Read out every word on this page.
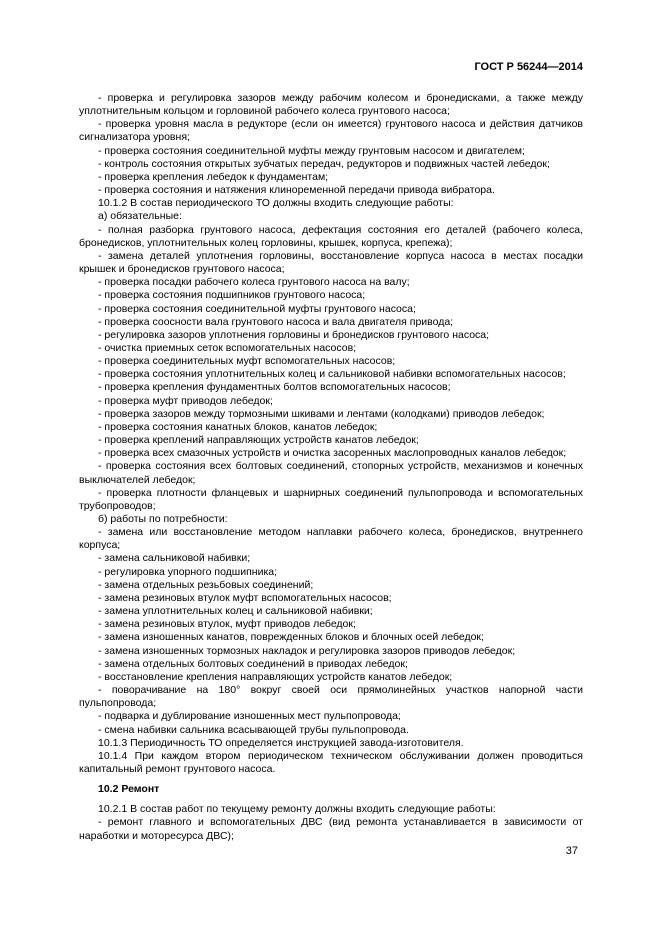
ГОСТ Р 56244—2014
- проверка и регулировка зазоров между рабочим колесом и бронедисками, а также между уплотнительным кольцом и горловиной рабочего колеса грунтового насоса;
- проверка уровня масла в редукторе (если он имеется) грунтового насоса и действия датчиков сигнализатора уровня;
- проверка состояния соединительной муфты между грунтовым насосом и двигателем;
- контроль состояния открытых зубчатых передач, редукторов и подвижных частей лебедок;
- проверка крепления лебедок к фундаментам;
- проверка состояния и натяжения клиноременной передачи привода вибратора.
10.1.2 В состав периодического ТО должны входить следующие работы:
а) обязательные:
- полная разборка грунтового насоса, дефектация состояния его деталей (рабочего колеса, бронедисков, уплотнительных колец горловины, крышек, корпуса, крепежа);
- замена деталей уплотнения горловины, восстановление корпуса насоса в местах посадки крышек и бронедисков грунтового насоса;
- проверка посадки рабочего колеса грунтового насоса на валу;
- проверка состояния подшипников грунтового насоса;
- проверка состояния соединительной муфты грунтового насоса;
- проверка соосности вала грунтового насоса и вала двигателя привода;
- регулировка зазоров уплотнения горловины и бронедисков грунтового насоса;
- очистка приемных сеток вспомогательных насосов;
- проверка соединительных муфт вспомогательных насосов;
- проверка состояния уплотнительных колец и сальниковой набивки вспомогательных насосов;
- проверка крепления фундаментных болтов вспомогательных насосов;
- проверка муфт приводов лебедок;
- проверка зазоров между тормозными шкивами и лентами (колодками) приводов лебедок;
- проверка состояния канатных блоков, канатов лебедок;
- проверка креплений направляющих устройств канатов лебедок;
- проверка всех смазочных устройств и очистка засоренных маслопроводных каналов лебедок;
- проверка состояния всех болтовых соединений, стопорных устройств, механизмов и конечных выключателей лебедок;
- проверка плотности фланцевых и шарнирных соединений пульпопровода и вспомогательных трубопроводов;
б) работы по потребности:
- замена или восстановление методом наплавки рабочего колеса, бронедисков, внутреннего корпуса;
- замена сальниковой набивки;
- регулировка упорного подшипника;
- замена отдельных резьбовых соединений;
- замена резиновых втулок муфт вспомогательных насосов;
- замена уплотнительных колец и сальниковой набивки;
- замена резиновых втулок, муфт приводов лебедок;
- замена изношенных канатов, поврежденных блоков и блочных осей лебедок;
- замена изношенных тормозных накладок и регулировка зазоров приводов лебедок;
- замена отдельных болтовых соединений в приводах лебедок;
- восстановление крепления направляющих устройств канатов лебедок;
- поворачивание на 180° вокруг своей оси прямолинейных участков напорной части пульпопровода;
- подварка и дублирование изношенных мест пульпопровода;
- смена набивки сальника всасывающей трубы пульпопровода.
10.1.3 Периодичность ТО определяется инструкцией завода-изготовителя.
10.1.4 При каждом втором периодическом техническом обслуживании должен проводиться капитальный ремонт грунтового насоса.
10.2 Ремонт
10.2.1 В состав работ по текущему ремонту должны входить следующие работы:
- ремонт главного и вспомогательных ДВС (вид ремонта устанавливается в зависимости от наработки и моторесурса ДВС);
37
